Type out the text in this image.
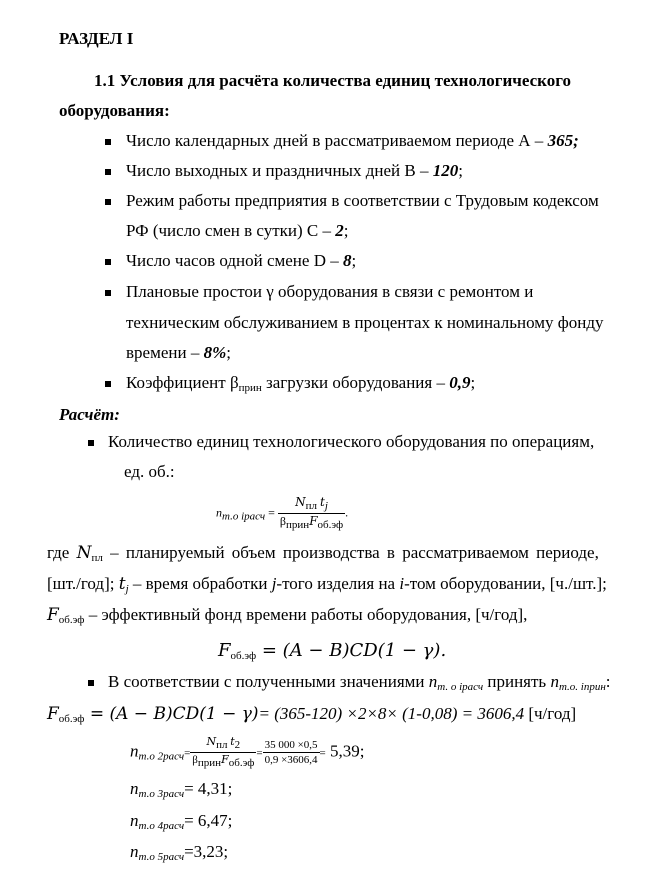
РАЗДЕЛ I
1.1 Условия для расчёта количества единиц технологического
оборудования:
Число календарных дней в рассматриваемом периоде А – 365;
Число выходных и праздничных дней В – 120;
Режим работы предприятия в соответствии с Трудовым кодексом
РФ (число смен в сутки) С – 2;
Число часов одной смене D – 8;
Плановые простои γ оборудования в связи с ремонтом и
техническим обслуживанием в процентах к номинальному фонду
времени – 8%;
Коэффициент $\beta_{прин}$ загрузки оборудования – 0,9;
Расчёт:
Количество единиц технологического оборудования по операциям,
ед. об.:
$n_{т.о iрасч} = \frac{N_{пл} t_j}{\beta_{прин}F_{об.эф}}$ .
где $N_{пл}$ – планируемый объем производства в рассматриваемом периоде,
[шт./год]; $t_j$ – время обработки j-того изделия на i-том оборудовании, [ч./шт.];
$F_{об.эф}$ – эффективный фонд времени работы оборудования, [ч/год],
$F_{об.эф} = (A - B)CD(1 - \gamma)$.
В соответствии с полученными значениями $n_{т. о iрасч}$ принять $n_{т.о. iприн}$:
$F_{об.эф} = (A - B)CD(1 - \gamma)= (365-120) \times 2\times 8\times (1-0,08) = 3606,4$ [ч/год]
$n_{т.о 2расч}= \frac{N_{пл} t_2}{\beta_{прин}F_{об.эф}} = \frac{35 000 \times 0,5}{0,9 \times 3606,4} = 5,39$;
$n_{т.о 3расч}= 4,31$;
$n_{т.о 4расч}= 6,47$;
$n_{т.о 5расч}=3,23$;
